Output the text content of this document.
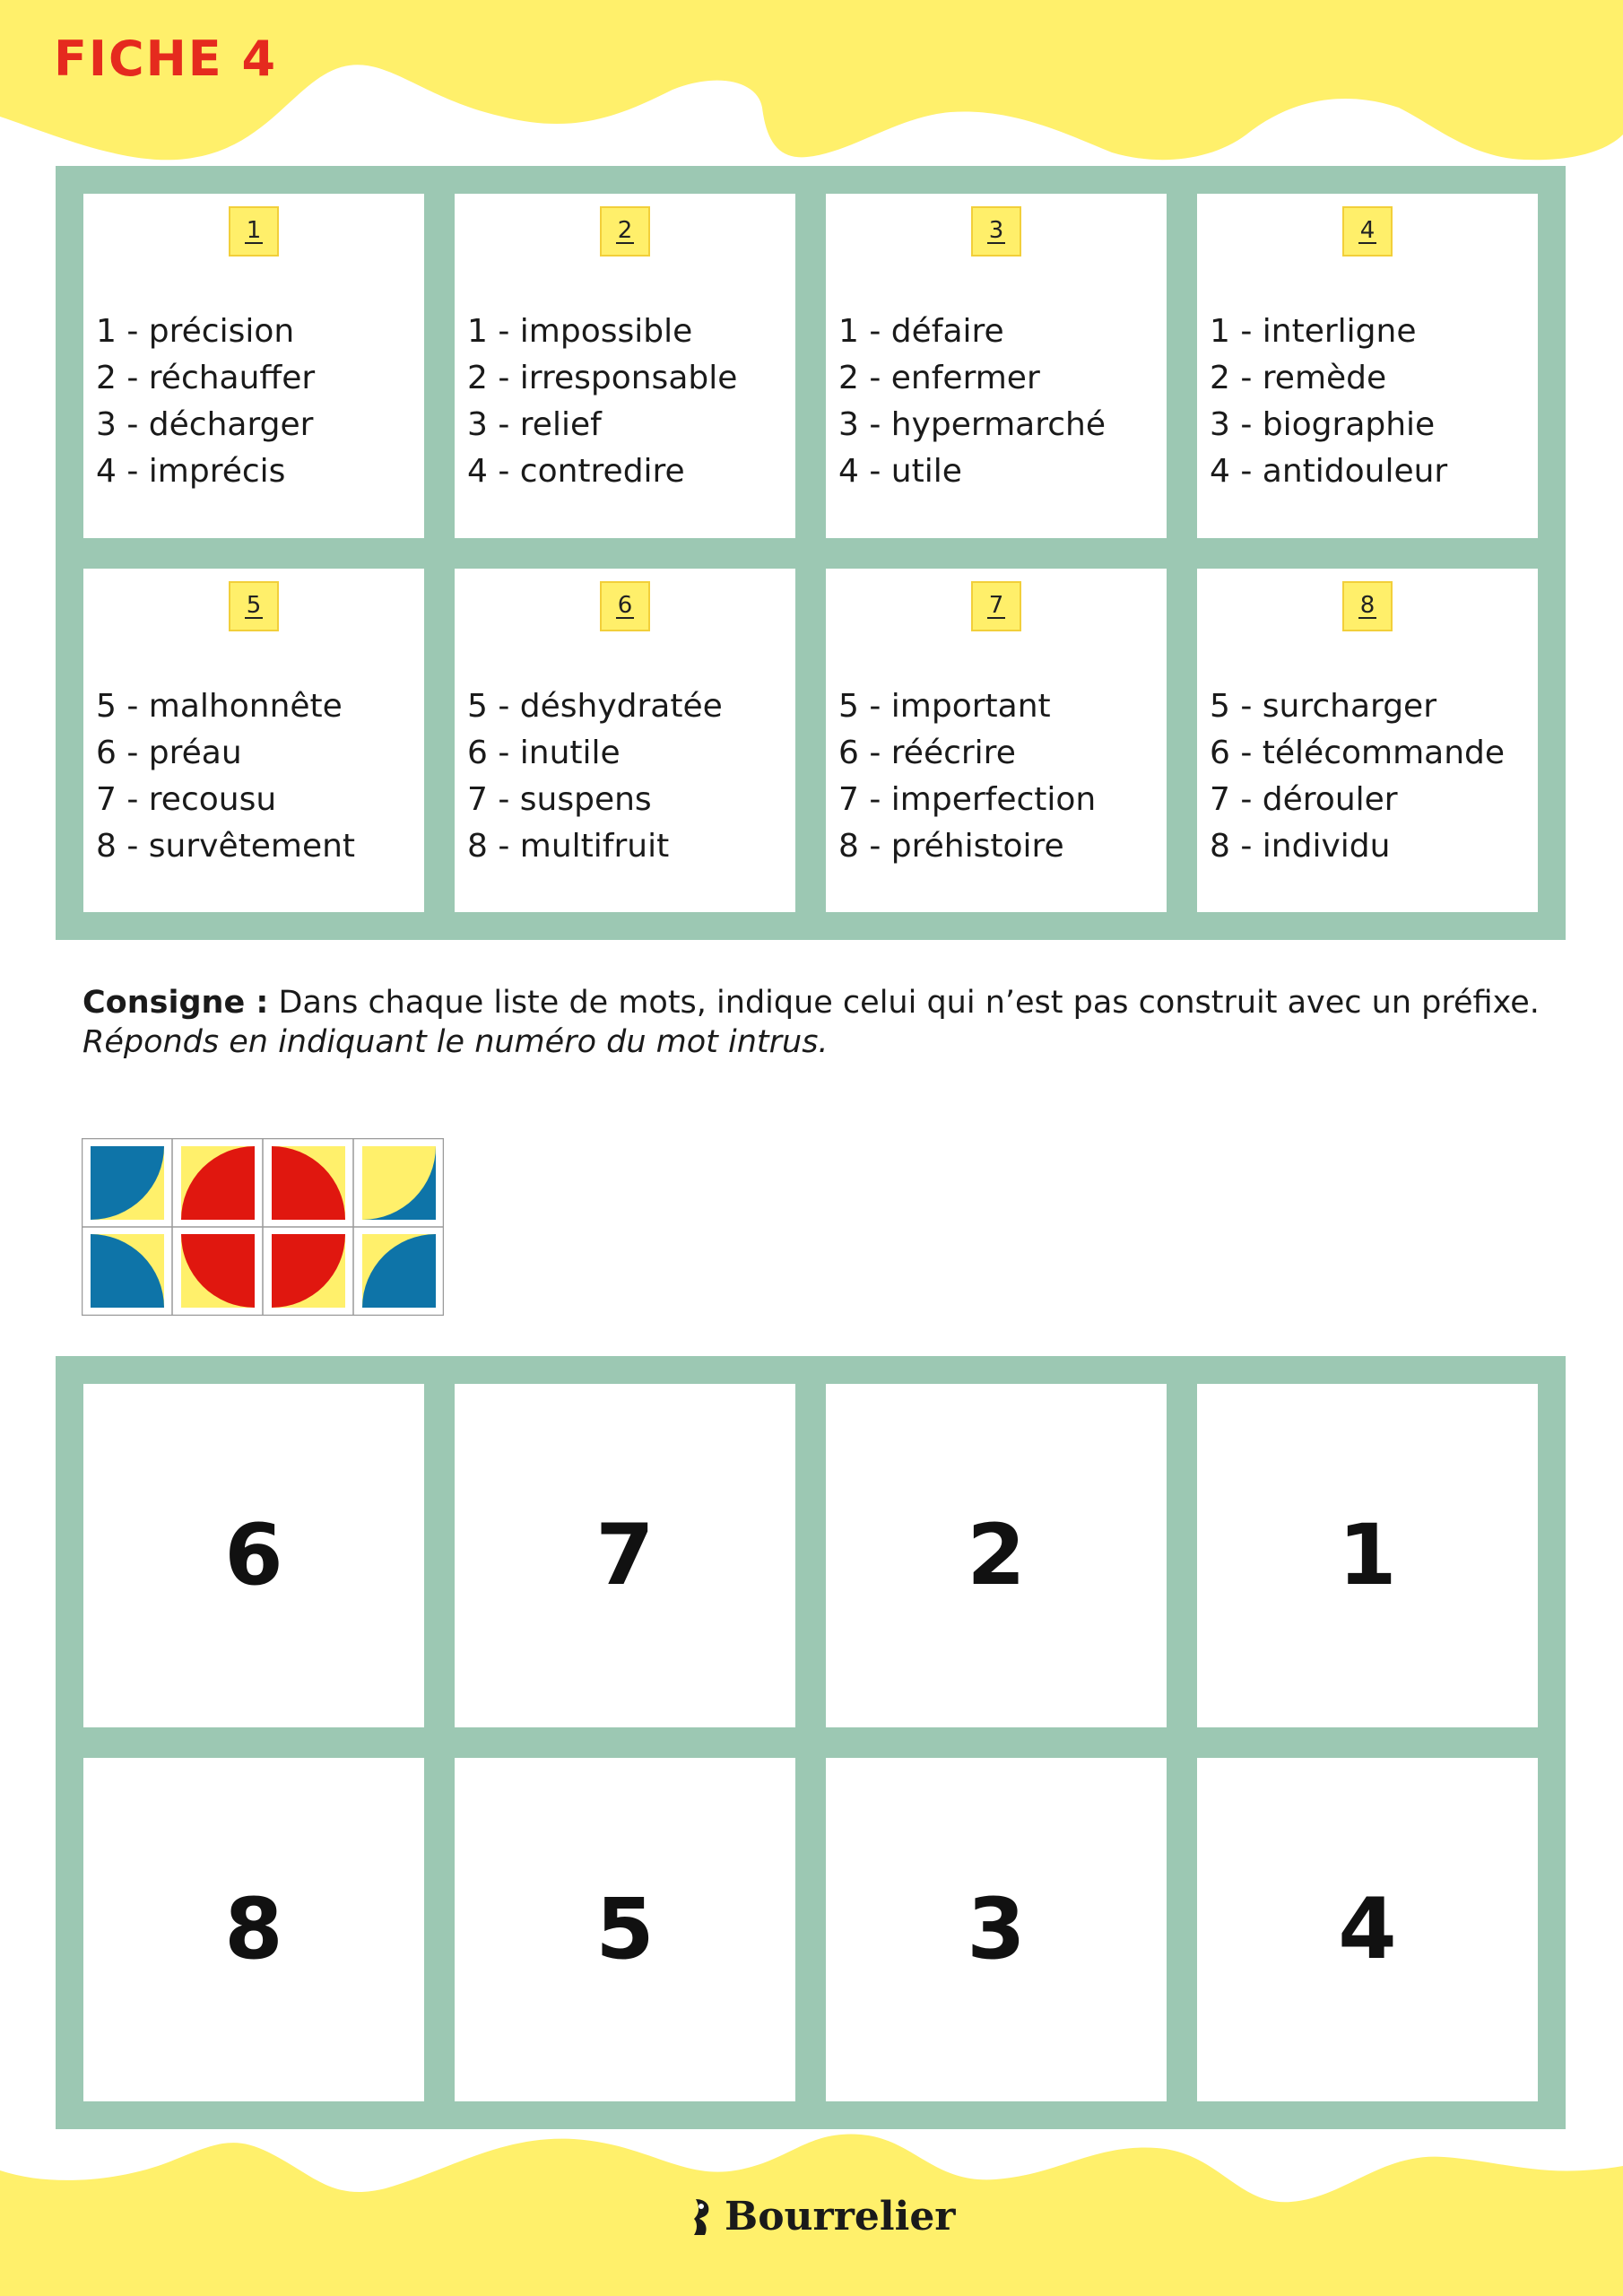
FICHE 4
1
1 - précision
2 - réchauffer
3 - décharger
4 - imprécis
2
1 - impossible
2 - irresponsable
3 - relief
4 - contredire
3
1 - défaire
2 - enfermer
3 - hypermarché
4 - utile
4
1 - interligne
2 - remède
3 - biographie
4 - antidouleur
5
5 - malhonnête
6 - préau
7 - recousu
8 - survêtement
6
5 - déshydratée
6 - inutile
7 - suspens
8 - multifruit
7
5 - important
6 - réécrire
7 - imperfection
8 - préhistoire
8
5 - surcharger
6 - télécommande
7 - dérouler
8 - individu
Consigne : Dans chaque liste de mots, indique celui qui n’est pas construit avec un préfixe.
Réponds en indiquant le numéro du mot intrus.
6	7	2	1
8	5	3	4
Bourrelier
